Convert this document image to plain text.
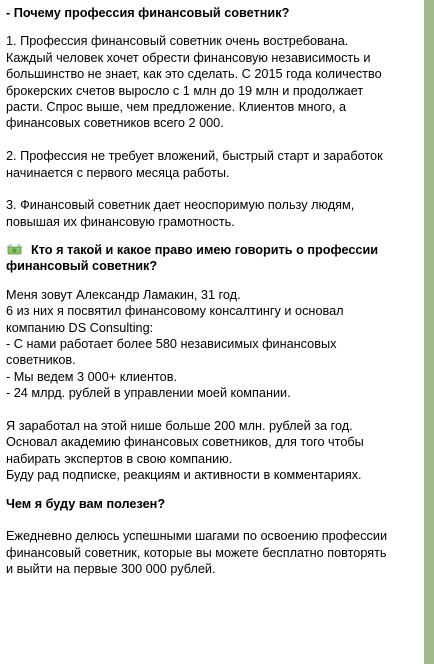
- Почему профессия финансовый советник?
1. Профессия финансовый советник очень востребована.
Каждый человек хочет обрести финансовую независимость и
большинство не знает, как это сделать. С 2015 года количество
брокерских счетов выросло с 1 млн до 19 млн и продолжает
расти. Спрос выше, чем предложение. Клиентов много, а
финансовых советников всего 2 000.
2. Профессия не требует вложений, быстрый старт и заработок
начинается с первого месяца работы.
3. Финансовый советник дает неоспоримую пользу людям,
повышая их финансовую грамотность.
Кто я такой и какое право имею говорить о профессии
финансовый советник?
Меня зовут Александр Ламакин, 31 год.
6 из них я посвятил финансовому консалтингу и основал
компанию DS Consulting:
- С нами работает более 580 независимых финансовых
советников.
- Мы ведем 3 000+ клиентов.
- 24 млрд. рублей в управлении моей компании.
Я заработал на этой нише больше 200 млн. рублей за год.
Основал академию финансовых советников, для того чтобы
набирать экспертов в свою компанию.
Буду рад подписке, реакциям и активности в комментариях.
Чем я буду вам полезен?
Ежедневно делюсь успешными шагами по освоению профессии
финансовый советник, которые вы можете бесплатно повторять
и выйти на первые 300 000 рублей.
